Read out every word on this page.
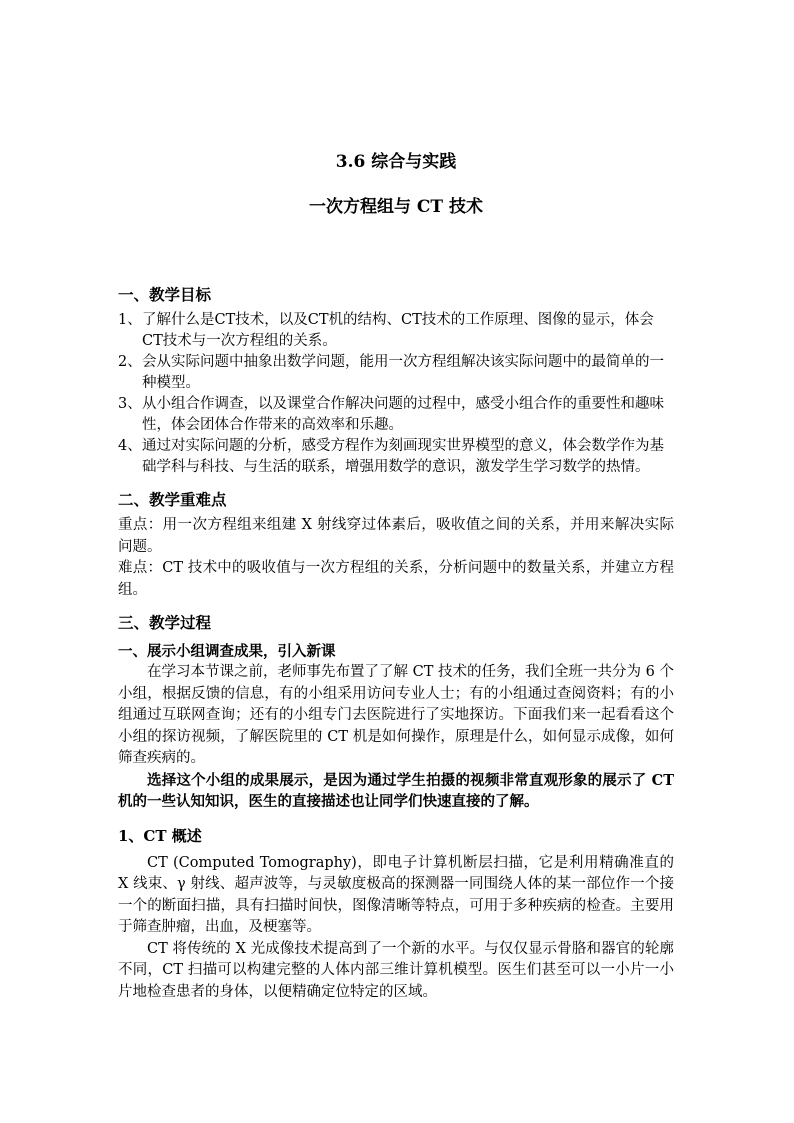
3.6 综合与实践
一次方程组与 CT 技术
一、教学目标
1、 了解什么是CT技术，以及CT机的结构、CT技术的工作原理、图像的显示，体会CT技术与一次方程组的关系。
2、 会从实际问题中抽象出数学问题，能用一次方程组解决该实际问题中的最简单的一种模型。
3、 从小组合作调查，以及课堂合作解决问题的过程中，感受小组合作的重要性和趣味性，体会团体合作带来的高效率和乐趣。
4、 通过对实际问题的分析，感受方程作为刻画现实世界模型的意义，体会数学作为基础学科与科技、与生活的联系，增强用数学的意识，激发学生学习数学的热情。
二、教学重难点
重点：用一次方程组来组建 X 射线穿过体素后，吸收值之间的关系，并用来解决实际问题。
难点：CT 技术中的吸收值与一次方程组的关系，分析问题中的数量关系，并建立方程组。
三、教学过程
一、展示小组调查成果，引入新课
在学习本节课之前，老师事先布置了了解 CT 技术的任务，我们全班一共分为 6 个小组，根据反馈的信息，有的小组采用访问专业人士；有的小组通过查阅资料；有的小组通过互联网查询；还有的小组专门去医院进行了实地探访。下面我们来一起看看这个小组的探访视频，了解医院里的 CT 机是如何操作，原理是什么，如何显示成像，如何筛查疾病的。
选择这个小组的成果展示，是因为通过学生拍摄的视频非常直观形象的展示了 CT 机的一些认知知识，医生的直接描述也让同学们快速直接的了解。
1、CT 概述
CT (Computed Tomography)，即电子计算机断层扫描，它是利用精确准直的 X 线束、γ 射线、超声波等，与灵敏度极高的探测器一同围绕人体的某一部位作一个接一个的断面扫描，具有扫描时间快，图像清晰等特点，可用于多种疾病的检查。主要用于筛查肿瘤，出血，及梗塞等。
CT 将传统的 X 光成像技术提高到了一个新的水平。与仅仅显示骨胳和器官的轮廓不同，CT 扫描可以构建完整的人体内部三维计算机模型。医生们甚至可以一小片一小片地检查患者的身体，以便精确定位特定的区域。
